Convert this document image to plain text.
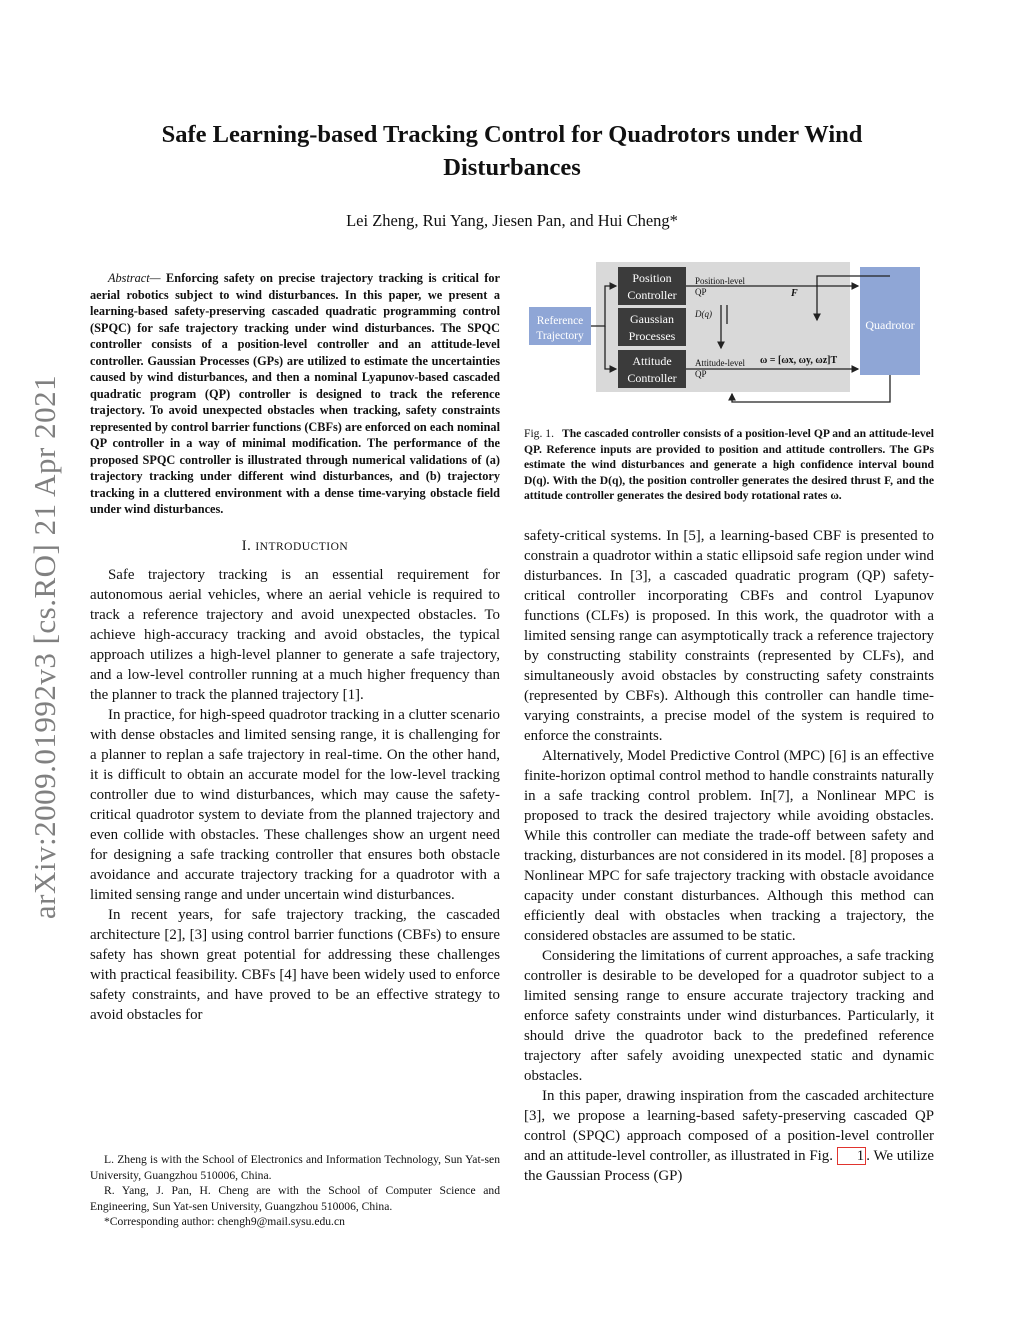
arXiv:2009.01992v3 [cs.RO] 21 Apr 2021
Safe Learning-based Tracking Control for Quadrotors under Wind Disturbances
Lei Zheng, Rui Yang, Jiesen Pan, and Hui Cheng*

Abstract— Enforcing safety on precise trajectory tracking is critical for aerial robotics subject to wind disturbances. In this paper, we present a learning-based safety-preserving cascaded quadratic programming control (SPQC) for safe trajectory tracking under wind disturbances. The SPQC controller consists of a position-level controller and an attitude-level controller. Gaussian Processes (GPs) are utilized to estimate the uncertainties caused by wind disturbances, and then a nominal Lyapunov-based cascaded quadratic program (QP) controller is designed to track the reference trajectory. To avoid unexpected obstacles when tracking, safety constraints represented by control barrier functions (CBFs) are enforced on each nominal QP controller in a way of minimal modification. The performance of the proposed SPQC controller is illustrated through numerical validations of (a) trajectory tracking under different wind disturbances, and (b) trajectory tracking in a cluttered environment with a dense time-varying obstacle field under wind disturbances.

I. INTRODUCTION

Safe trajectory tracking is an essential requirement for autonomous aerial vehicles, where an aerial vehicle is required to track a reference trajectory and avoid unexpected obstacles. To achieve high-accuracy tracking and avoid obstacles, the typical approach utilizes a high-level planner to generate a safe trajectory, and a low-level controller running at a much higher frequency than the planner to track the planned trajectory [1].

In practice, for high-speed quadrotor tracking in a clutter scenario with dense obstacles and limited sensing range, it is challenging for a planner to replan a safe trajectory in real-time. On the other hand, it is difficult to obtain an accurate model for the low-level tracking controller due to wind disturbances, which may cause the safety-critical quadrotor system to deviate from the planned trajectory and even collide with obstacles. These challenges show an urgent need for designing a safe tracking controller that ensures both obstacle avoidance and accurate trajectory tracking for a quadrotor with a limited sensing range and under uncertain wind disturbances.

In recent years, for safe trajectory tracking, the cascaded architecture [2], [3] using control barrier functions (CBFs) to ensure safety has shown great potential for addressing these challenges with practical feasibility. CBFs [4] have been widely used to enforce safety constraints, and have proved to be an effective strategy to avoid obstacles for

L. Zheng is with the School of Electronics and Information Technology, Sun Yat-sen University, Guangzhou 510006, China.

R. Yang, J. Pan, H. Cheng are with the School of Computer Science and Engineering, Sun Yat-sen University, Guangzhou 510006, China.

*Corresponding author: chengh9@mail.sysu.edu.cn

Reference
Trajectory
Position
Controller
Gaussian
Processes
Attitude
Controller
Quadrotor
Position-level
QP
D(q)
Attitude-level
QP
F
ω = [ωx, ωy, ωz]T
Fig. 1. The cascaded controller consists of a position-level QP and an attitude-level QP. Reference inputs are provided to position and attitude controllers. The GPs estimate the wind disturbances and generate a high confidence interval bound D(q). With the D(q), the position controller generates the desired thrust F, and the attitude controller generates the desired body rotational rates ω.

safety-critical systems. In [5], a learning-based CBF is presented to constrain a quadrotor within a static ellipsoid safe region under wind disturbances. In [3], a cascaded quadratic program (QP) safety-critical controller incorporating CBFs and control Lyapunov functions (CLFs) is proposed. In this work, the quadrotor with a limited sensing range can asymptotically track a reference trajectory by constructing stability constraints (represented by CLFs), and simultaneously avoid obstacles by constructing safety constraints (represented by CBFs). Although this controller can handle time-varying constraints, a precise model of the system is required to enforce the constraints.

Alternatively, Model Predictive Control (MPC) [6] is an effective finite-horizon optimal control method to handle constraints naturally in a safe tracking control problem. In[7], a Nonlinear MPC is proposed to track the desired trajectory while avoiding obstacles. While this controller can mediate the trade-off between safety and tracking, disturbances are not considered in its model. [8] proposes a Nonlinear MPC for safe trajectory tracking with obstacle avoidance capacity under constant disturbances. Although this method can efficiently deal with obstacles when tracking a trajectory, the considered obstacles are assumed to be static.

Considering the limitations of current approaches, a safe tracking controller is desirable to be developed for a quadrotor subject to a limited sensing range to ensure accurate trajectory tracking and enforce safety constraints under wind disturbances. Particularly, it should drive the quadrotor back to the predefined reference trajectory after safely avoiding unexpected static and dynamic obstacles.

In this paper, drawing inspiration from the cascaded architecture [3], we propose a learning-based safety-preserving cascaded QP control (SPQC) approach composed of a position-level controller and an attitude-level controller, as illustrated in Fig. 1 . We utilize the Gaussian Process (GP)
